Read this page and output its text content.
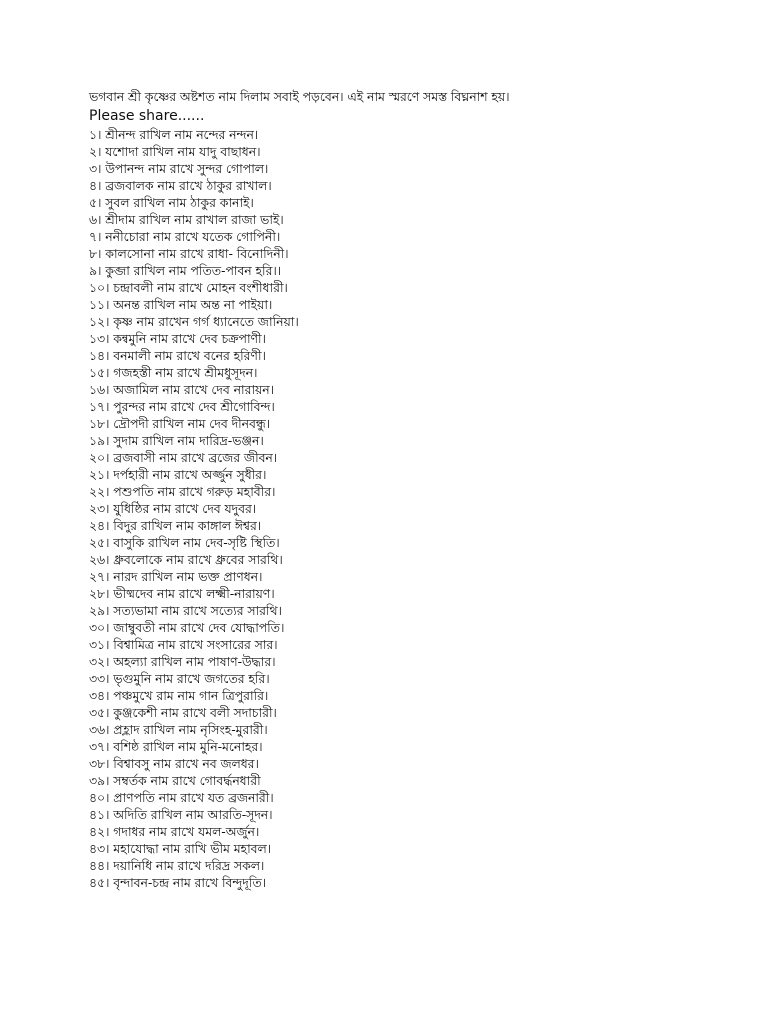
ভগবান শ্রী কৃষ্ণের অষ্টশত নাম দিলাম সবাই পড়বেন। এই নাম স্মরণে সমস্ত বিঘ্ননাশ হয়।
Please share......
১। শ্রীনন্দ রাখিল নাম নন্দের নন্দন।
২। যশোদা রাখিল নাম যাদু বাছাধন।
৩। উপানন্দ নাম রাখে সুন্দর গোপাল।
৪। ব্রজবালক নাম রাখে ঠাকুর রাখাল।
৫। সুবল রাখিল নাম ঠাকুর কানাই।
৬। শ্রীদাম রাখিল নাম রাখাল রাজা ভাই।
৭। ননীচোরা নাম রাখে যতেক গোপিনী।
৮। কালসোনা নাম রাখে রাধা- বিনোদিনী।
৯। কুব্জা রাখিল নাম পতিত-পাবন হরি।।
১০। চন্দ্রাবলী নাম রাখে মোহন বংশীধারী।
১১। অনন্ত রাখিল নাম অন্ত না পাইয়া।
১২। কৃষ্ণ নাম রাখেন গর্গ ধ্যানেতে জানিয়া।
১৩। কন্বমুনি নাম রাখে দেব চক্রপাণী।
১৪। বনমালী নাম রাখে বনের হরিণী।
১৫। গজহস্তী নাম রাখে শ্রীমধুসূদন।
১৬। অজামিল নাম রাখে দেব নারায়ন।
১৭। পুরন্দর নাম রাখে দেব শ্রীগোবিন্দ।
১৮। দ্রৌপদী রাখিল নাম দেব দীনবন্ধু।
১৯। সুদাম রাখিল নাম দারিদ্র-ভঞ্জন।
২০। ব্রজবাসী নাম রাখে ব্রজের জীবন।
২১। দর্পহারী নাম রাখে অর্জ্জুন সুধীর।
২২। পশুপতি নাম রাখে গরুড় মহাবীর।
২৩। যুধিষ্ঠির নাম রাখে দেব যদুবর।
২৪। বিদুর রাখিল নাম কাঙ্গাল ঈশ্বর।
২৫। বাসুকি রাখিল নাম দেব-সৃষ্টি স্থিতি।
২৬। ধ্রুবলোকে নাম রাখে ধ্রুবের সারথি।
২৭। নারদ রাখিল নাম ভক্ত প্রাণধন।
২৮। ভীষ্মদেব নাম রাখে লক্ষ্মী-নারায়ণ।
২৯। সত্যভামা নাম রাখে সত্যের সারথি।
৩০। জাম্বুবতী নাম রাখে দেব যোদ্ধাপতি।
৩১। বিশ্বামিত্র নাম রাখে সংসারের সার।
৩২। অহল্যা রাখিল নাম পাষাণ-উদ্ধার।
৩৩। ভৃগুমুনি নাম রাখে জগতের হরি।
৩৪। পঞ্চমুখে রাম নাম গান ত্রিপুরারি।
৩৫। কুঞ্জকেশী নাম রাখে বলী সদাচারী।
৩৬। প্রহ্লাদ রাখিল নাম নৃসিংহ-মুরারী।
৩৭। বশিষ্ঠ রাখিল নাম মুনি-মনোহর।
৩৮। বিশ্বাবসু নাম রাখে নব জলধর।
৩৯। সম্বর্তক নাম রাখে গোবর্দ্ধনধারী
৪০। প্রাণপতি নাম রাখে যত ব্রজনারী।
৪১। অদিতি রাখিল নাম আরতি-সূদন।
৪২। গদাধর নাম রাখে যমল-অর্জুন।
৪৩। মহাযোদ্ধা নাম রাখি ভীম মহাবল।
৪৪। দয়ানিধি নাম রাখে দরিদ্র সকল।
৪৫। বৃন্দাবন-চন্দ্র নাম রাখে বিন্দুদূতি।
